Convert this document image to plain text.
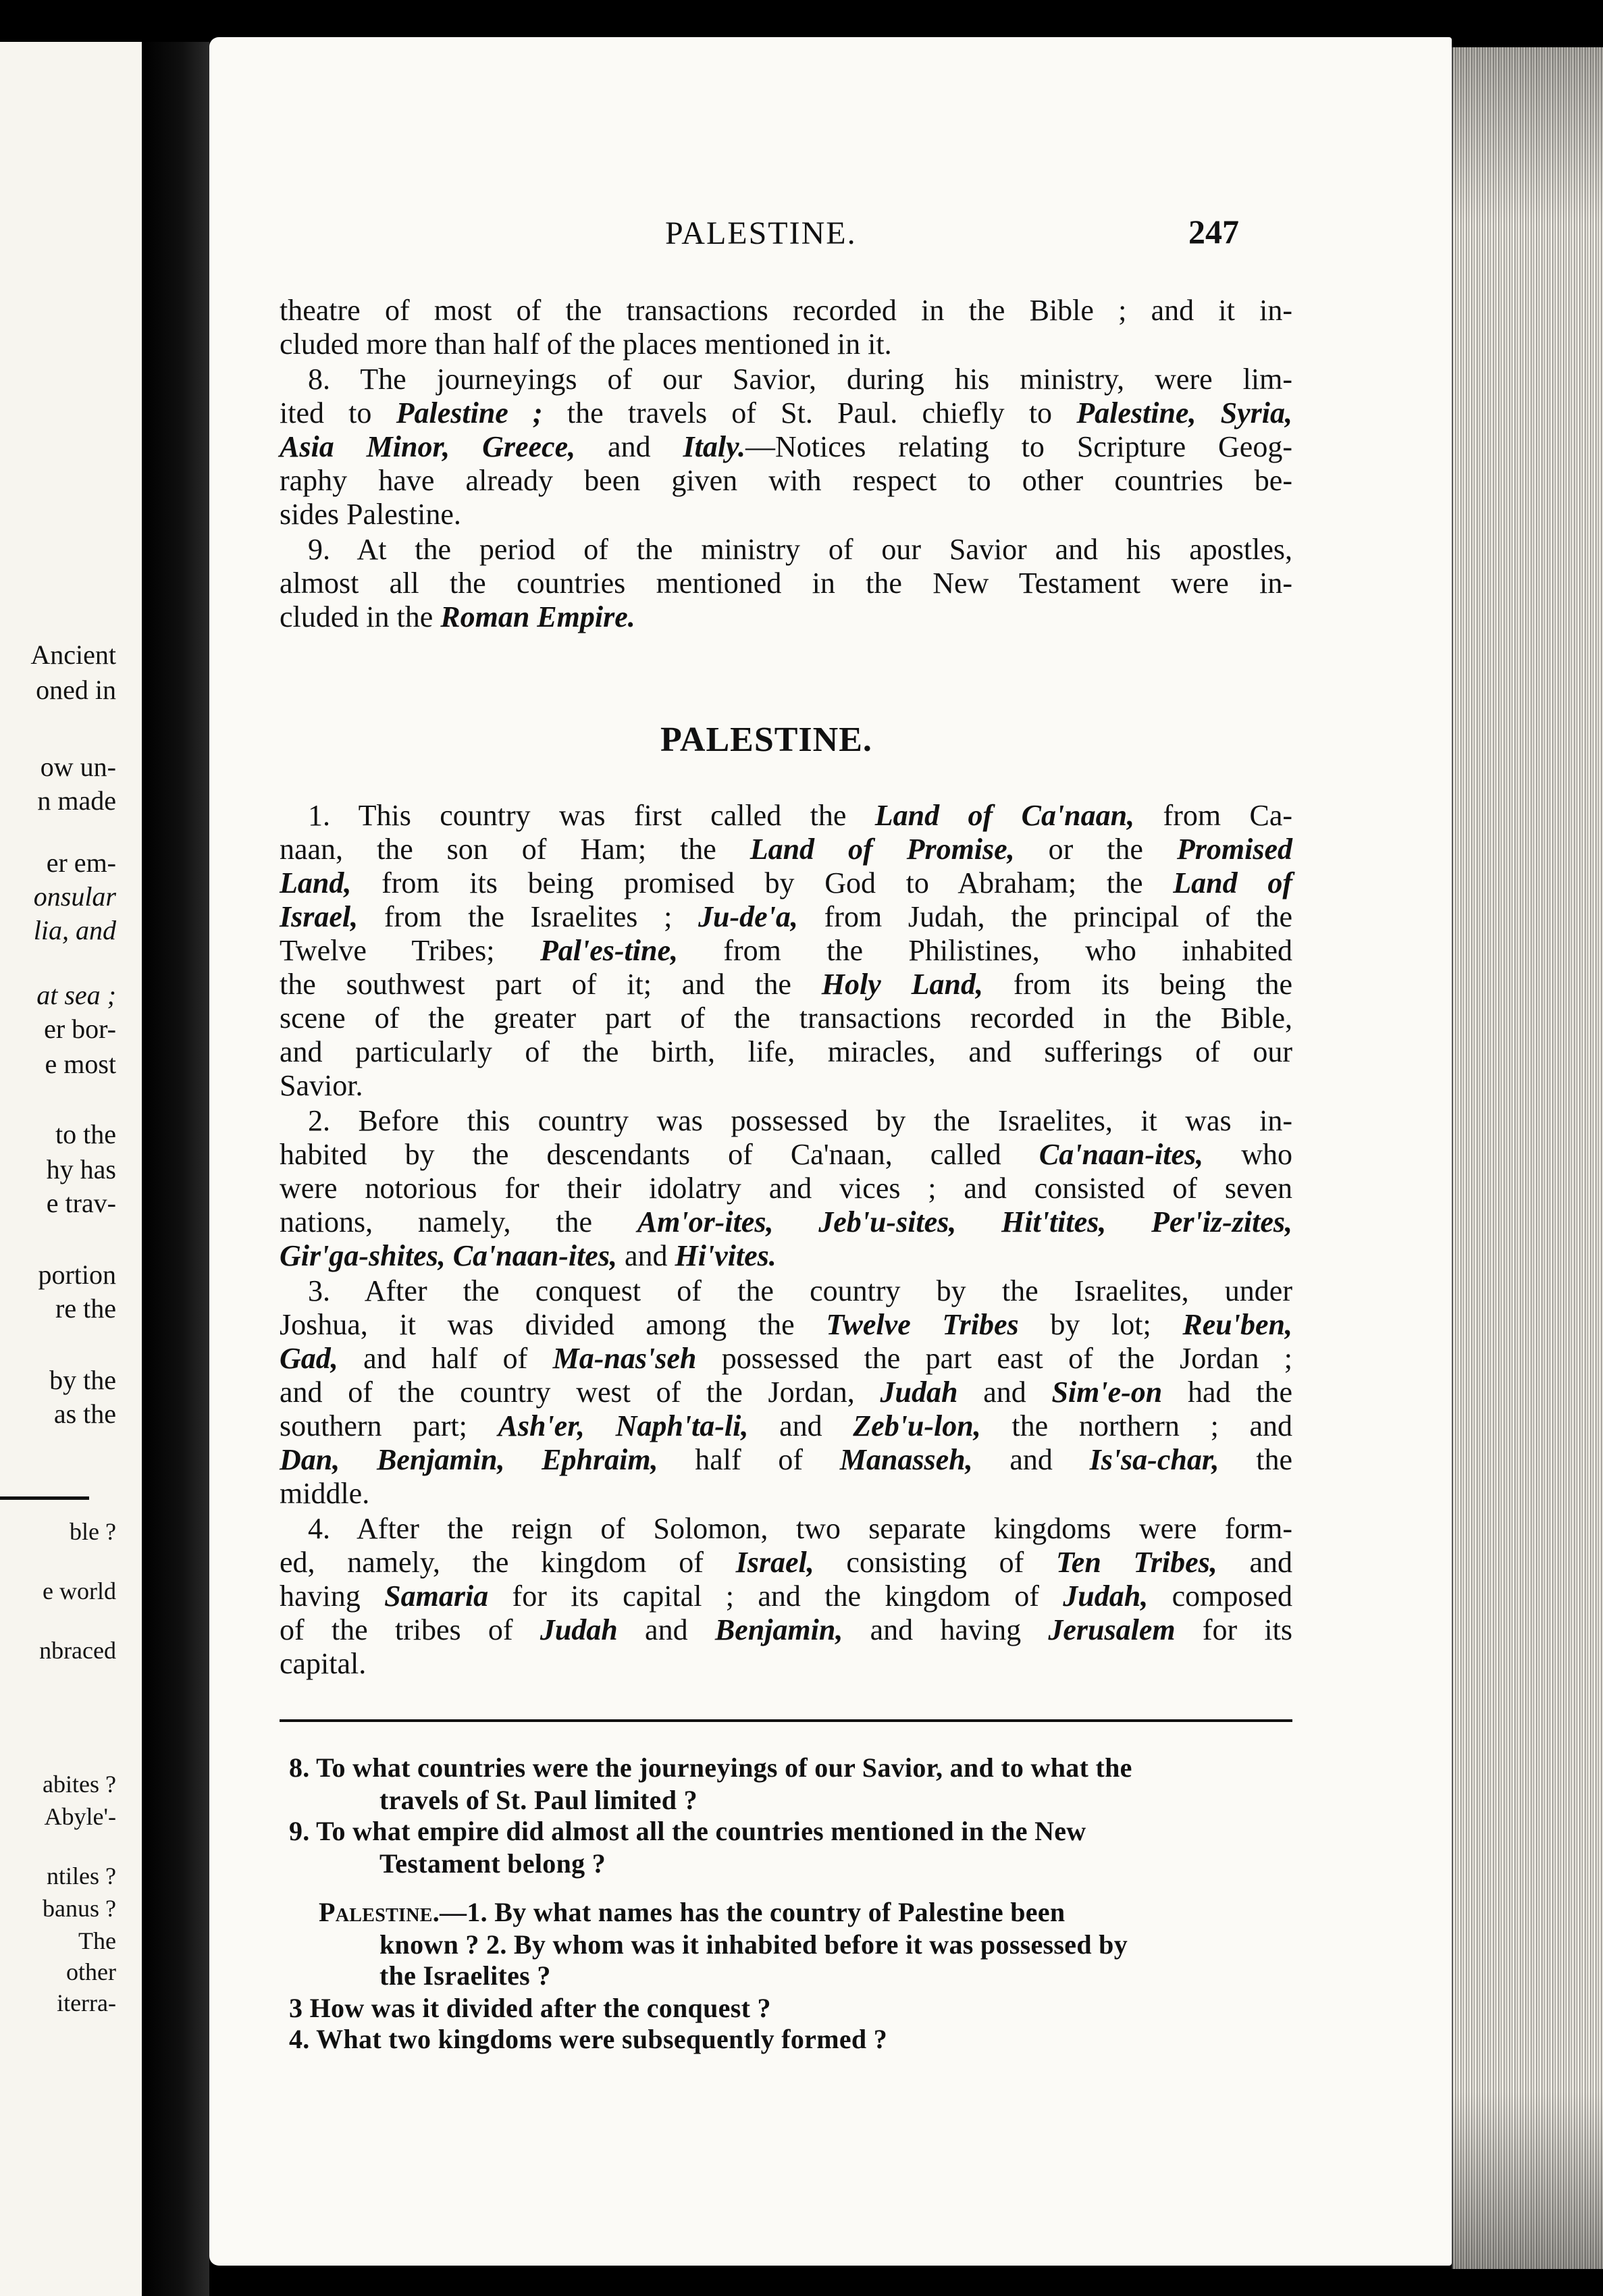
Ancient
oned in
ow un-
n made
er em-
onsular
lia, and
at sea ;
er bor-
e most
to the
hy has
e trav-
portion
re the
by the
as the
ble ?
e world
nbraced
abites ?
Abyle'-
ntiles ?
banus ?
The
other
iterra-
PALESTINE.	247
theatre of most of the transactions recorded in the Bible ; and it in-
cluded more than half of the places mentioned in it.
8. The journeyings of our Savior, during his ministry, were lim-
ited to Palestine ; the travels of St. Paul. chiefly to Palestine, Syria,
Asia Minor, Greece, and Italy.—Notices relating to Scripture Geog-
raphy have already been given with respect to other countries be-
sides Palestine.
9. At the period of the ministry of our Savior and his apostles,
almost all the countries mentioned in the New Testament were in-
cluded in the Roman Empire.
PALESTINE.
1. This country was first called the Land of Ca'naan, from Ca-
naan, the son of Ham; the Land of Promise, or the Promised
Land, from its being promised by God to Abraham; the Land of
Israel, from the Israelites ; Ju-de'a, from Judah, the principal of the
Twelve Tribes; Pal'es-tine, from the Philistines, who inhabited
the southwest part of it; and the Holy Land, from its being the
scene of the greater part of the transactions recorded in the Bible,
and particularly of the birth, life, miracles, and sufferings of our
Savior.
2. Before this country was possessed by the Israelites, it was in-
habited by the descendants of Ca'naan, called Ca'naan-ites, who
were notorious for their idolatry and vices ; and consisted of seven
nations, namely, the Am'or-ites, Jeb'u-sites, Hit'tites, Per'iz-zites,
Gir'ga-shites, Ca'naan-ites, and Hi'vites.
3. After the conquest of the country by the Israelites, under
Joshua, it was divided among the Twelve Tribes by lot; Reu'ben,
Gad, and half of Ma-nas'seh possessed the part east of the Jordan ;
and of the country west of the Jordan, Judah and Sim'e-on had the
southern part; Ash'er, Naph'ta-li, and Zeb'u-lon, the northern ; and
Dan, Benjamin, Ephraim, half of Manasseh, and Is'sa-char, the
middle.
4. After the reign of Solomon, two separate kingdoms were form-
ed, namely, the kingdom of Israel, consisting of Ten Tribes, and
having Samaria for its capital ; and the kingdom of Judah, composed
of the tribes of Judah and Benjamin, and having Jerusalem for its
capital.
8. To what countries were the journeyings of our Savior, and to what the
travels of St. Paul limited ?
9. To what empire did almost all the countries mentioned in the New
Testament belong ?
Palestine.—1. By what names has the country of Palestine been
known ? 2. By whom was it inhabited before it was possessed by
the Israelites ?
3 How was it divided after the conquest ?
4. What two kingdoms were subsequently formed ?
